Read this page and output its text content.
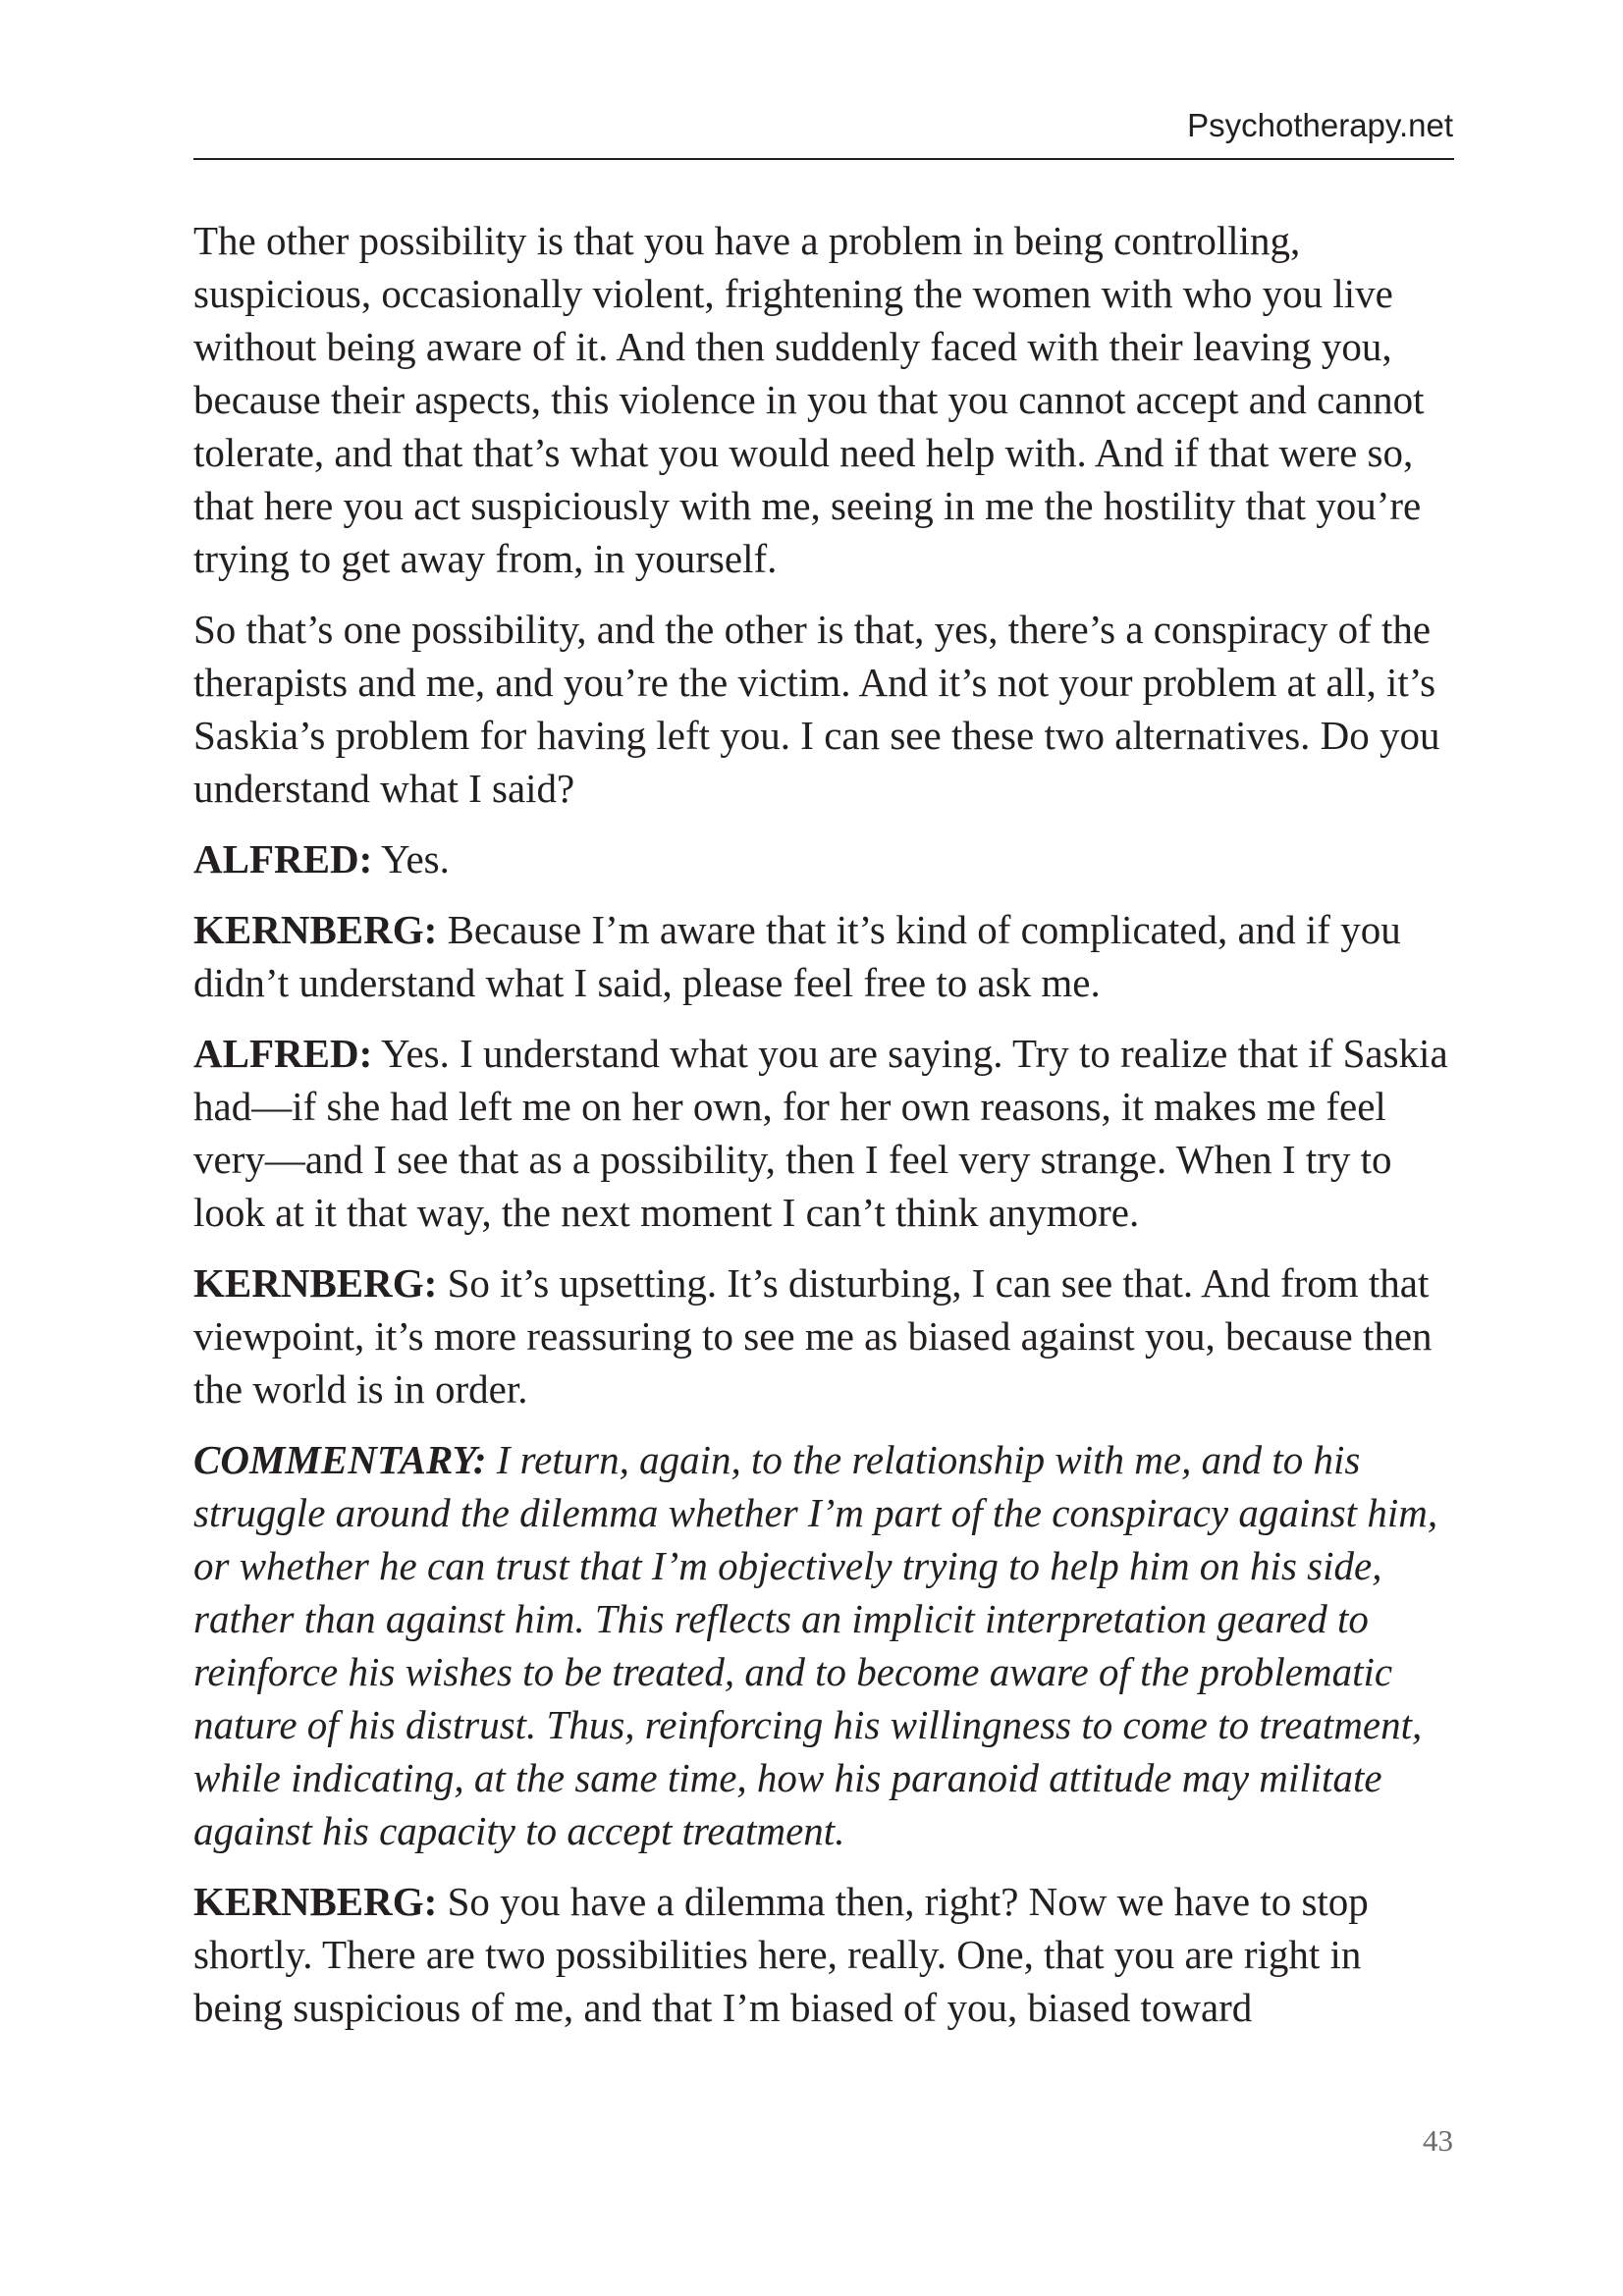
Psychotherapy.net

The other possibility is that you have a problem in being controlling, suspicious, occasionally violent, frightening the women with who you live without being aware of it. And then suddenly faced with their leaving you, because their aspects, this violence in you that you cannot accept and cannot tolerate, and that that’s what you would need help with. And if that were so, that here you act suspiciously with me, seeing in me the hostility that you’re trying to get away from, in yourself.

So that’s one possibility, and the other is that, yes, there’s a conspiracy of the therapists and me, and you’re the victim. And it’s not your problem at all, it’s Saskia’s problem for having left you. I can see these two alternatives. Do you understand what I said?

ALFRED: Yes.

KERNBERG: Because I’m aware that it’s kind of complicated, and if you didn’t understand what I said, please feel free to ask me.

ALFRED: Yes. I understand what you are saying. Try to realize that if Saskia had—if she had left me on her own, for her own reasons, it makes me feel very—and I see that as a possibility, then I feel very strange. When I try to look at it that way, the next moment I can’t think anymore.

KERNBERG: So it’s upsetting. It’s disturbing, I can see that. And from that viewpoint, it’s more reassuring to see me as biased against you, because then the world is in order.

COMMENTARY: I return, again, to the relationship with me, and to his struggle around the dilemma whether I’m part of the conspiracy against him, or whether he can trust that I’m objectively trying to help him on his side, rather than against him. This reflects an implicit interpretation geared to reinforce his wishes to be treated, and to become aware of the problematic nature of his distrust. Thus, reinforcing his willingness to come to treatment, while indicating, at the same time, how his paranoid attitude may militate against his capacity to accept treatment.

KERNBERG: So you have a dilemma then, right? Now we have to stop shortly. There are two possibilities here, really. One, that you are right in being suspicious of me, and that I’m biased of you, biased toward

43
